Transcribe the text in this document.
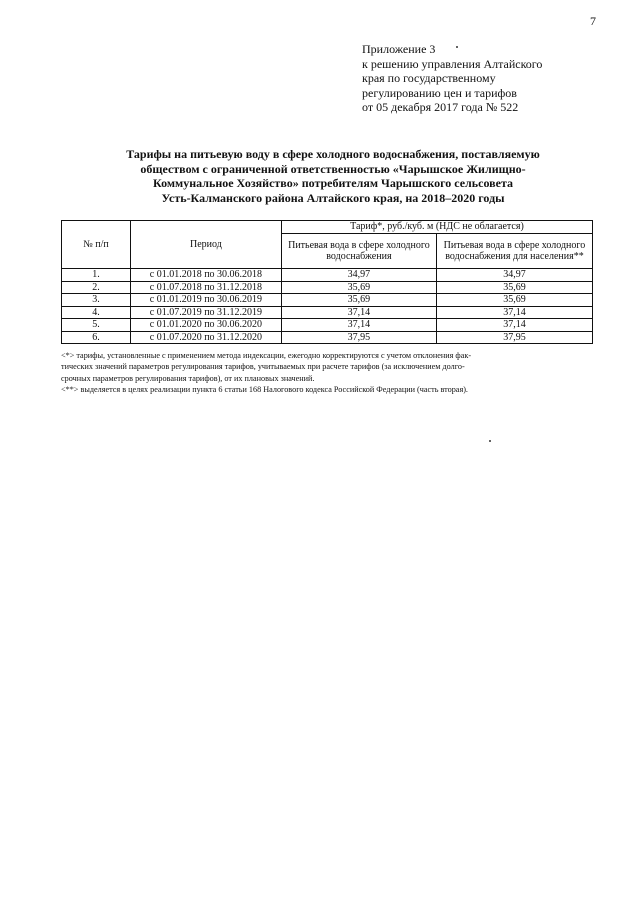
7
Приложение 3
к решению управления Алтайского
края по государственному
регулированию цен и тарифов
от 05 декабря 2017 года № 522
Тарифы на питьевую воду в сфере холодного водоснабжения, поставляемую
обществом с ограниченной ответственностью «Чарышское Жилищно-
Коммунальное Хозяйство» потребителям Чарышского сельсовета
Усть-Калманского района Алтайского края, на 2018–2020 годы
№ п/п	Период	Тариф*, руб./куб. м (НДС не облагается)	
		Питьевая вода в сфере холодного водоснабжения	Питьевая вода в сфере холодного водоснабжения для населения**
1.	с 01.01.2018 по 30.06.2018	34,97	34,97
2.	с 01.07.2018 по 31.12.2018	35,69	35,69
3.	с 01.01.2019 по 30.06.2019	35,69	35,69
4.	с 01.07.2019 по 31.12.2019	37,14	37,14
5.	с 01.01.2020 по 30.06.2020	37,14	37,14
6.	с 01.07.2020 по 31.12.2020	37,95	37,95
<*> тарифы, установленные с применением метода индексации, ежегодно корректируются с учетом отклонения фак-
тических значений параметров регулирования тарифов, учитываемых при расчете тарифов (за исключением долго-
срочных параметров регулирования тарифов), от их плановых значений.
<**> выделяется в целях реализации пункта 6 статьи 168 Налогового кодекса Российской Федерации (часть вторая).
